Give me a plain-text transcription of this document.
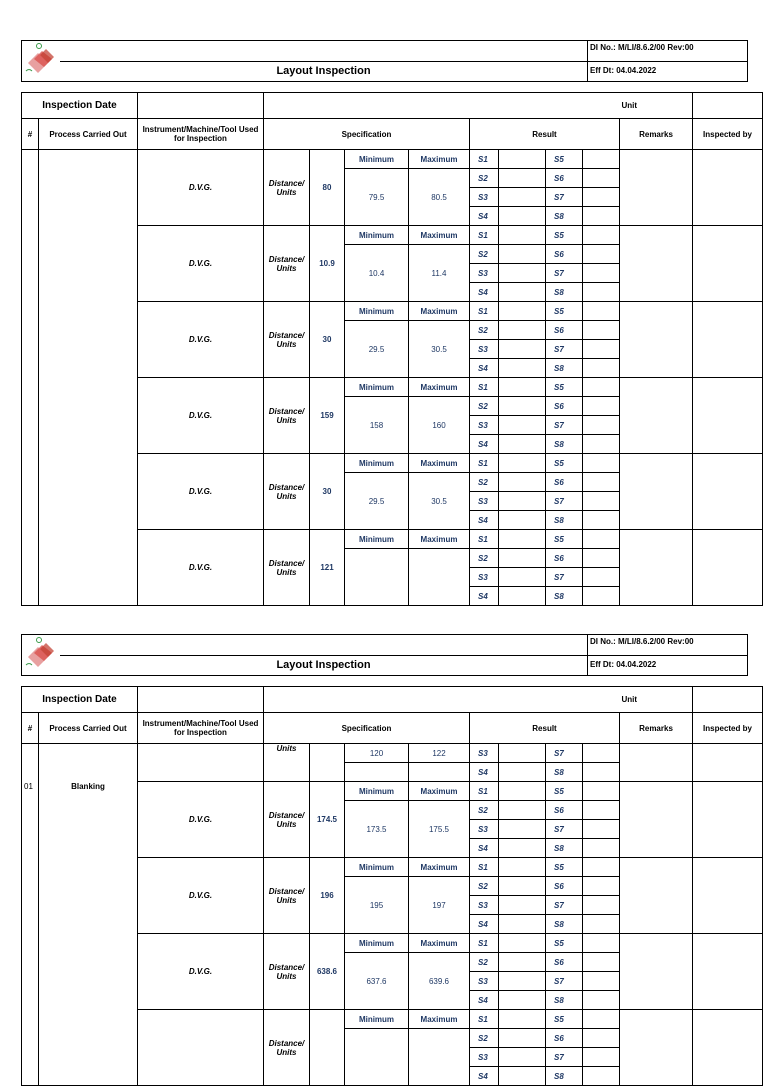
DI No.: M/LI/8.6.2/00 Rev:00
Layout Inspection	Eff Dt: 04.04.2022
Inspection Date											Unit	
#	Process Carried Out	Instrument/Machine/Tool Used for Inspection	Specification				Result				Remarks	Inspected by
		D.V.G.	Distance/ Units	80	Minimum	Maximum	S1		S5			
					79.5	80.5	S2		S6			
							S3		S7			
							S4		S8			
		D.V.G.	Distance/ Units	10.9	Minimum	Maximum	S1		S5			
					10.4	11.4	S2		S6			
							S3		S7			
							S4		S8			
		D.V.G.	Distance/ Units	30	Minimum	Maximum	S1		S5			
					29.5	30.5	S2		S6			
							S3		S7			
							S4		S8			
		D.V.G.	Distance/ Units	159	Minimum	Maximum	S1		S5			
					158	160	S2		S6			
							S3		S7			
							S4		S8			
		D.V.G.	Distance/ Units	30	Minimum	Maximum	S1		S5			
					29.5	30.5	S2		S6			
							S3		S7			
							S4		S8			
		D.V.G.	Distance/ Units	121	Minimum	Maximum	S1		S5			
							S2		S6			
							S3		S7			
							S4		S8			
DI No.: M/LI/8.6.2/00 Rev:00
Layout Inspection	Eff Dt: 04.04.2022
Inspection Date											Unit	
#	Process Carried Out	Instrument/Machine/Tool Used for Inspection	Specification				Result				Remarks	Inspected by
01	Blanking		Units		120	122	S3		S7			
							S4		S8			
		D.V.G.	Distance/ Units	174.5	Minimum	Maximum	S1		S5			
					173.5	175.5	S2		S6			
							S3		S7			
							S4		S8			
		D.V.G.	Distance/ Units	196	Minimum	Maximum	S1		S5			
					195	197	S2		S6			
							S3		S7			
							S4		S8			
		D.V.G.	Distance/ Units	638.6	Minimum	Maximum	S1		S5			
					637.6	639.6	S2		S6			
							S3		S7			
							S4		S8			
			Distance/ Units		Minimum	Maximum	S1		S5			
							S2		S6			
							S3		S7			
							S4		S8			
